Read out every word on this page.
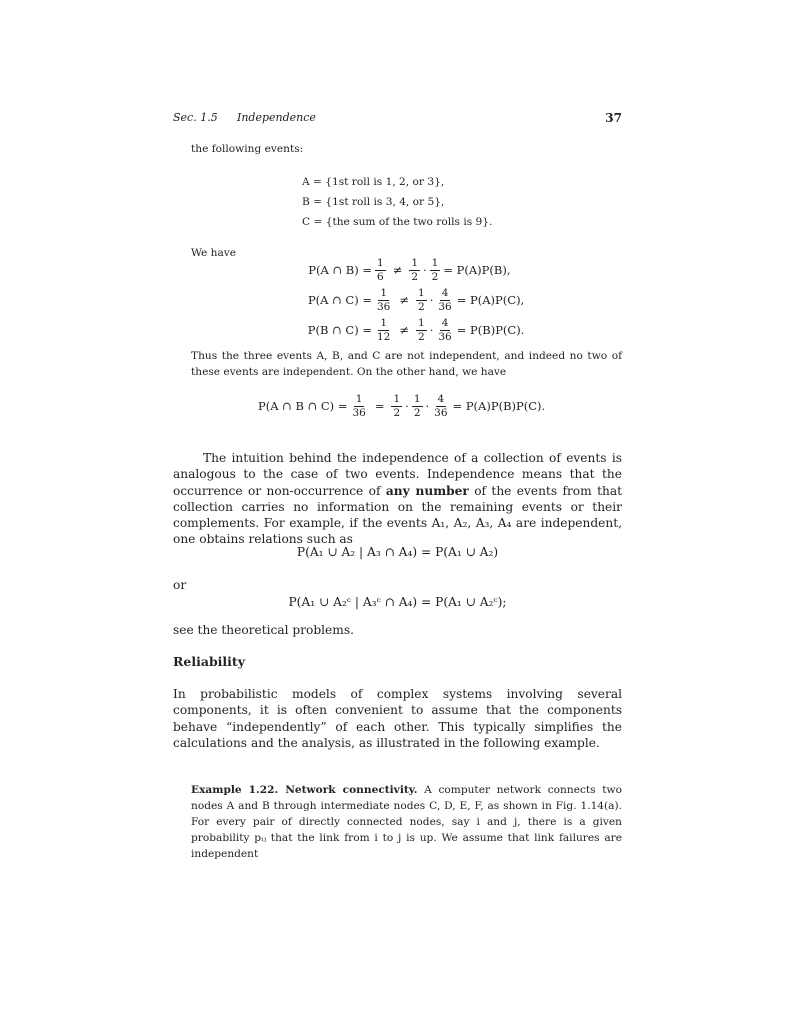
Sec. 1.5 Independence	37
the following events:
A = {1st roll is 1, 2, or 3},
B = {1st roll is 3, 4, or 5},
C = {the sum of the two rolls is 9}.
We have
P(A ∩ $B) = \frac{1}{6} \ne \frac{1}{2} \cdot \frac{1}{2} = P(A)P(B)$,
P(A ∩ $C) = \frac{1}{36} \ne \frac{1}{2} \cdot \frac{4}{36} = P(A)P(C)$,
P(B ∩ $C) = \frac{1}{12} \ne \frac{1}{2} \cdot \frac{4}{36} = P(B)P(C)$.
Thus the three events A, B, and C are not independent, and indeed no two of these events are independent. On the other hand, we have
P(A ∩ B ∩ $C) = \frac{1}{36} = \frac{1}{2} \cdot \frac{1}{2} \cdot \frac{4}{36} = P(A)P(B)P(C)$.
The intuition behind the independence of a collection of events is analogous to the case of two events. Independence means that the occurrence or non-occurrence of any number of the events from that collection carries no information on the remaining events or their complements. For example, if the events A₁, A₂, A₃, A₄ are independent, one obtains relations such as
P(A₁ ∪ A₂ | A₃ ∩ A₄) = P(A₁ ∪ A₂)
or
P(A₁ ∪ A₂ᶜ | A₃ᶜ ∩ A₄) = P(A₁ ∪ A₂ᶜ);
see the theoretical problems.
Reliability
In probabilistic models of complex systems involving several components, it is often convenient to assume that the components behave “independently” of each other. This typically simplifies the calculations and the analysis, as illustrated in the following example.
Example 1.22. Network connectivity. A computer network connects two nodes A and B through intermediate nodes C, D, E, F, as shown in Fig. 1.14(a). For every pair of directly connected nodes, say i and j, there is a given probability pᵢⱼ that the link from i to j is up. We assume that link failures are independent
